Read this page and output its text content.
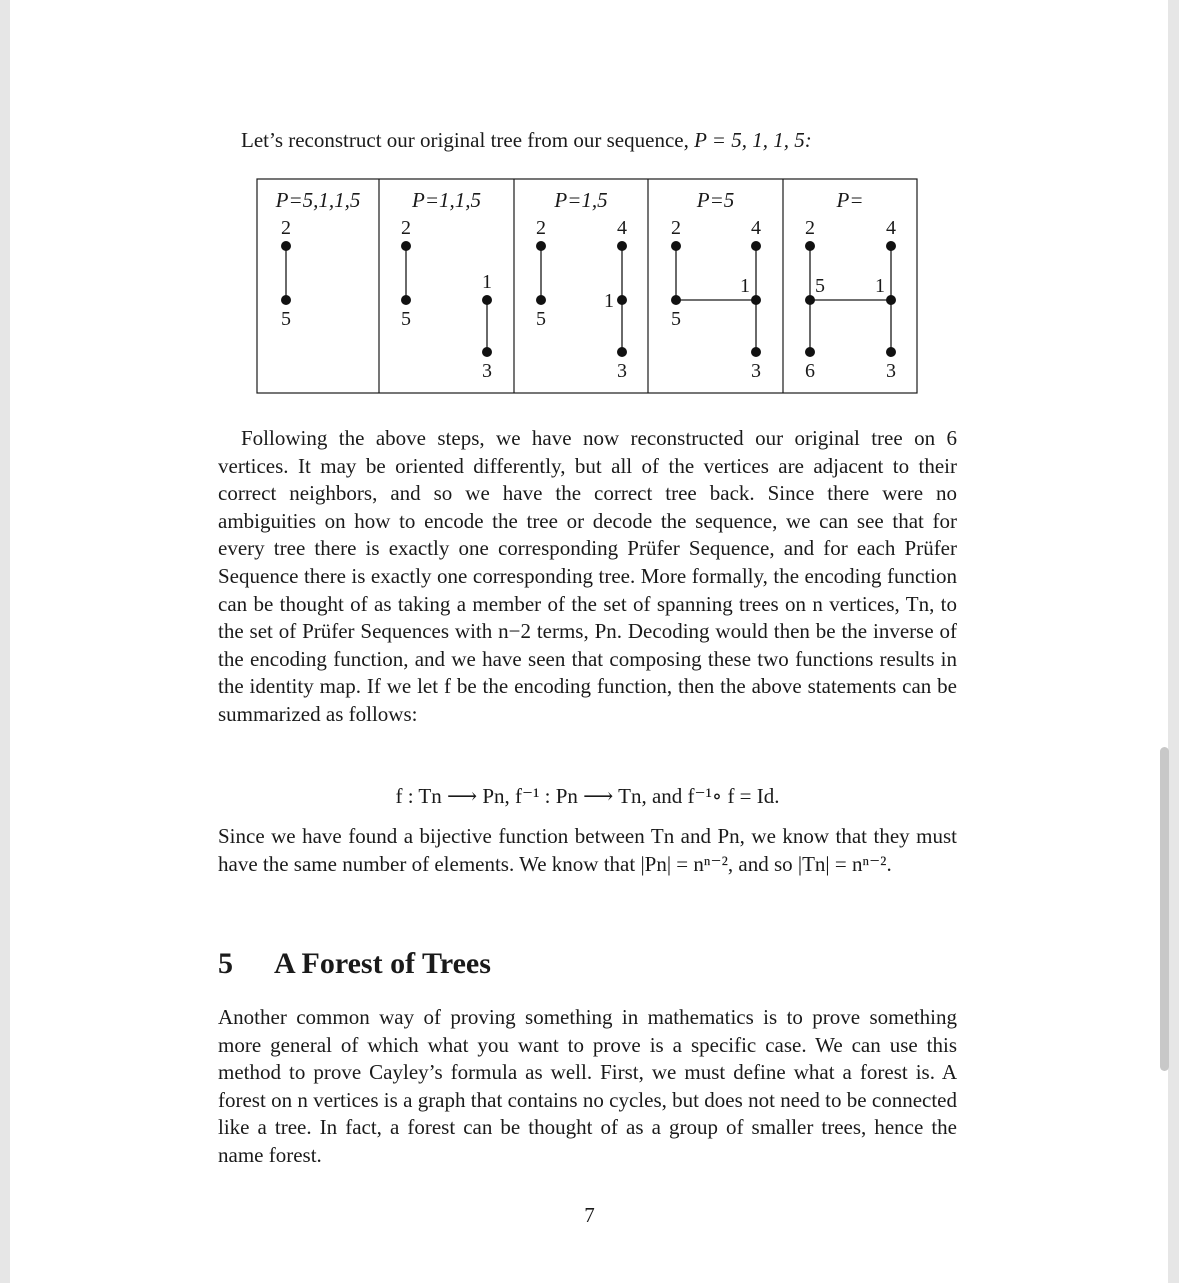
Let’s reconstruct our original tree from our sequence, P = 5, 1, 1, 5:
P=5,1,1,5
2
5
P=1,1,5
2
5
1
3
P=1,5
2
5
4
1
3
P=5
2
5
4
1
3
P=
2
5
6
4
1
3
Following the above steps, we have now reconstructed our original tree on 6 vertices. It may be oriented differently, but all of the vertices are adjacent to their correct neighbors, and so we have the correct tree back. Since there were no ambiguities on how to encode the tree or decode the sequence, we can see that for every tree there is exactly one corresponding Prüfer Sequence, and for each Prüfer Sequence there is exactly one corresponding tree. More formally, the encoding function can be thought of as taking a member of the set of spanning trees on n vertices, Tn, to the set of Prüfer Sequences with n−2 terms, Pn. Decoding would then be the inverse of the encoding function, and we have seen that composing these two functions results in the identity map. If we let f be the encoding function, then the above statements can be summarized as follows:
f : Tn ⟶ Pn, f⁻¹ : Pn ⟶ Tn, and f⁻¹∘ f = Id.
Since we have found a bijective function between Tn and Pn, we know that they must have the same number of elements. We know that |Pn| = nⁿ⁻², and so |Tn| = nⁿ⁻².
5 A Forest of Trees
Another common way of proving something in mathematics is to prove something more general of which what you want to prove is a specific case. We can use this method to prove Cayley’s formula as well. First, we must define what a forest is. A forest on n vertices is a graph that contains no cycles, but does not need to be connected like a tree. In fact, a forest can be thought of as a group of smaller trees, hence the name forest.
7
